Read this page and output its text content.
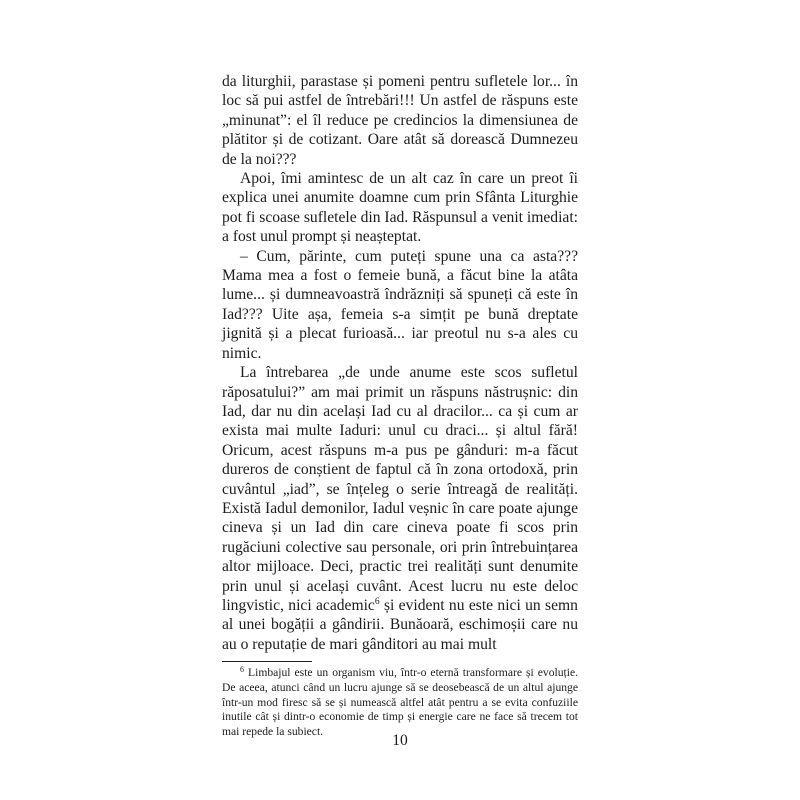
da liturghii, parastase și pomeni pentru sufletele lor... în loc să pui astfel de întrebări!!! Un astfel de răspuns este „minunat”: el îl reduce pe credincios la dimensiunea de plătitor și de cotizant. Oare atât să dorească Dumnezeu de la noi???

Apoi, îmi amintesc de un alt caz în care un preot îi explica unei anumite doamne cum prin Sfânta Liturghie pot fi scoase sufletele din Iad. Răspunsul a venit imediat: a fost unul prompt și neașteptat.

– Cum, părinte, cum puteți spune una ca asta??? Mama mea a fost o femeie bună, a făcut bine la atâta lume... și dumneavoastră îndrăzniți să spuneți că este în Iad??? Uite așa, femeia s-a simțit pe bună dreptate jignită și a plecat furioasă... iar preotul nu s-a ales cu nimic.

La întrebarea „de unde anume este scos sufletul răposatului?” am mai primit un răspuns năstrușnic: din Iad, dar nu din același Iad cu al dracilor... ca și cum ar exista mai multe Iaduri: unul cu draci... și altul fără! Oricum, acest răspuns m-a pus pe gânduri: m-a făcut dureros de conștient de faptul că în zona ortodoxă, prin cuvântul „iad”, se înțeleg o serie întreagă de realități. Există Iadul demonilor, Iadul veșnic în care poate ajunge cineva și un Iad din care cineva poate fi scos prin rugăciuni colective sau personale, ori prin întrebuințarea altor mijloace. Deci, practic trei realități sunt denumite prin unul și același cuvânt. Acest lucru nu este deloc lingvistic, nici academic$^6$ și evident nu este nici un semn al unei bogății a gândirii. Bunăoară, eschimoșii care nu au o reputație de mari gânditori au mai mult

$^6$ Limbajul este un organism viu, într-o eternă transformare și evoluție. De aceea, atunci când un lucru ajunge să se deosebească de un altul ajunge într-un mod firesc să se și numească altfel atât pentru a se evita confuziile inutile cât și dintr-o economie de timp și energie care ne face să trecem tot mai repede la subiect.

10
